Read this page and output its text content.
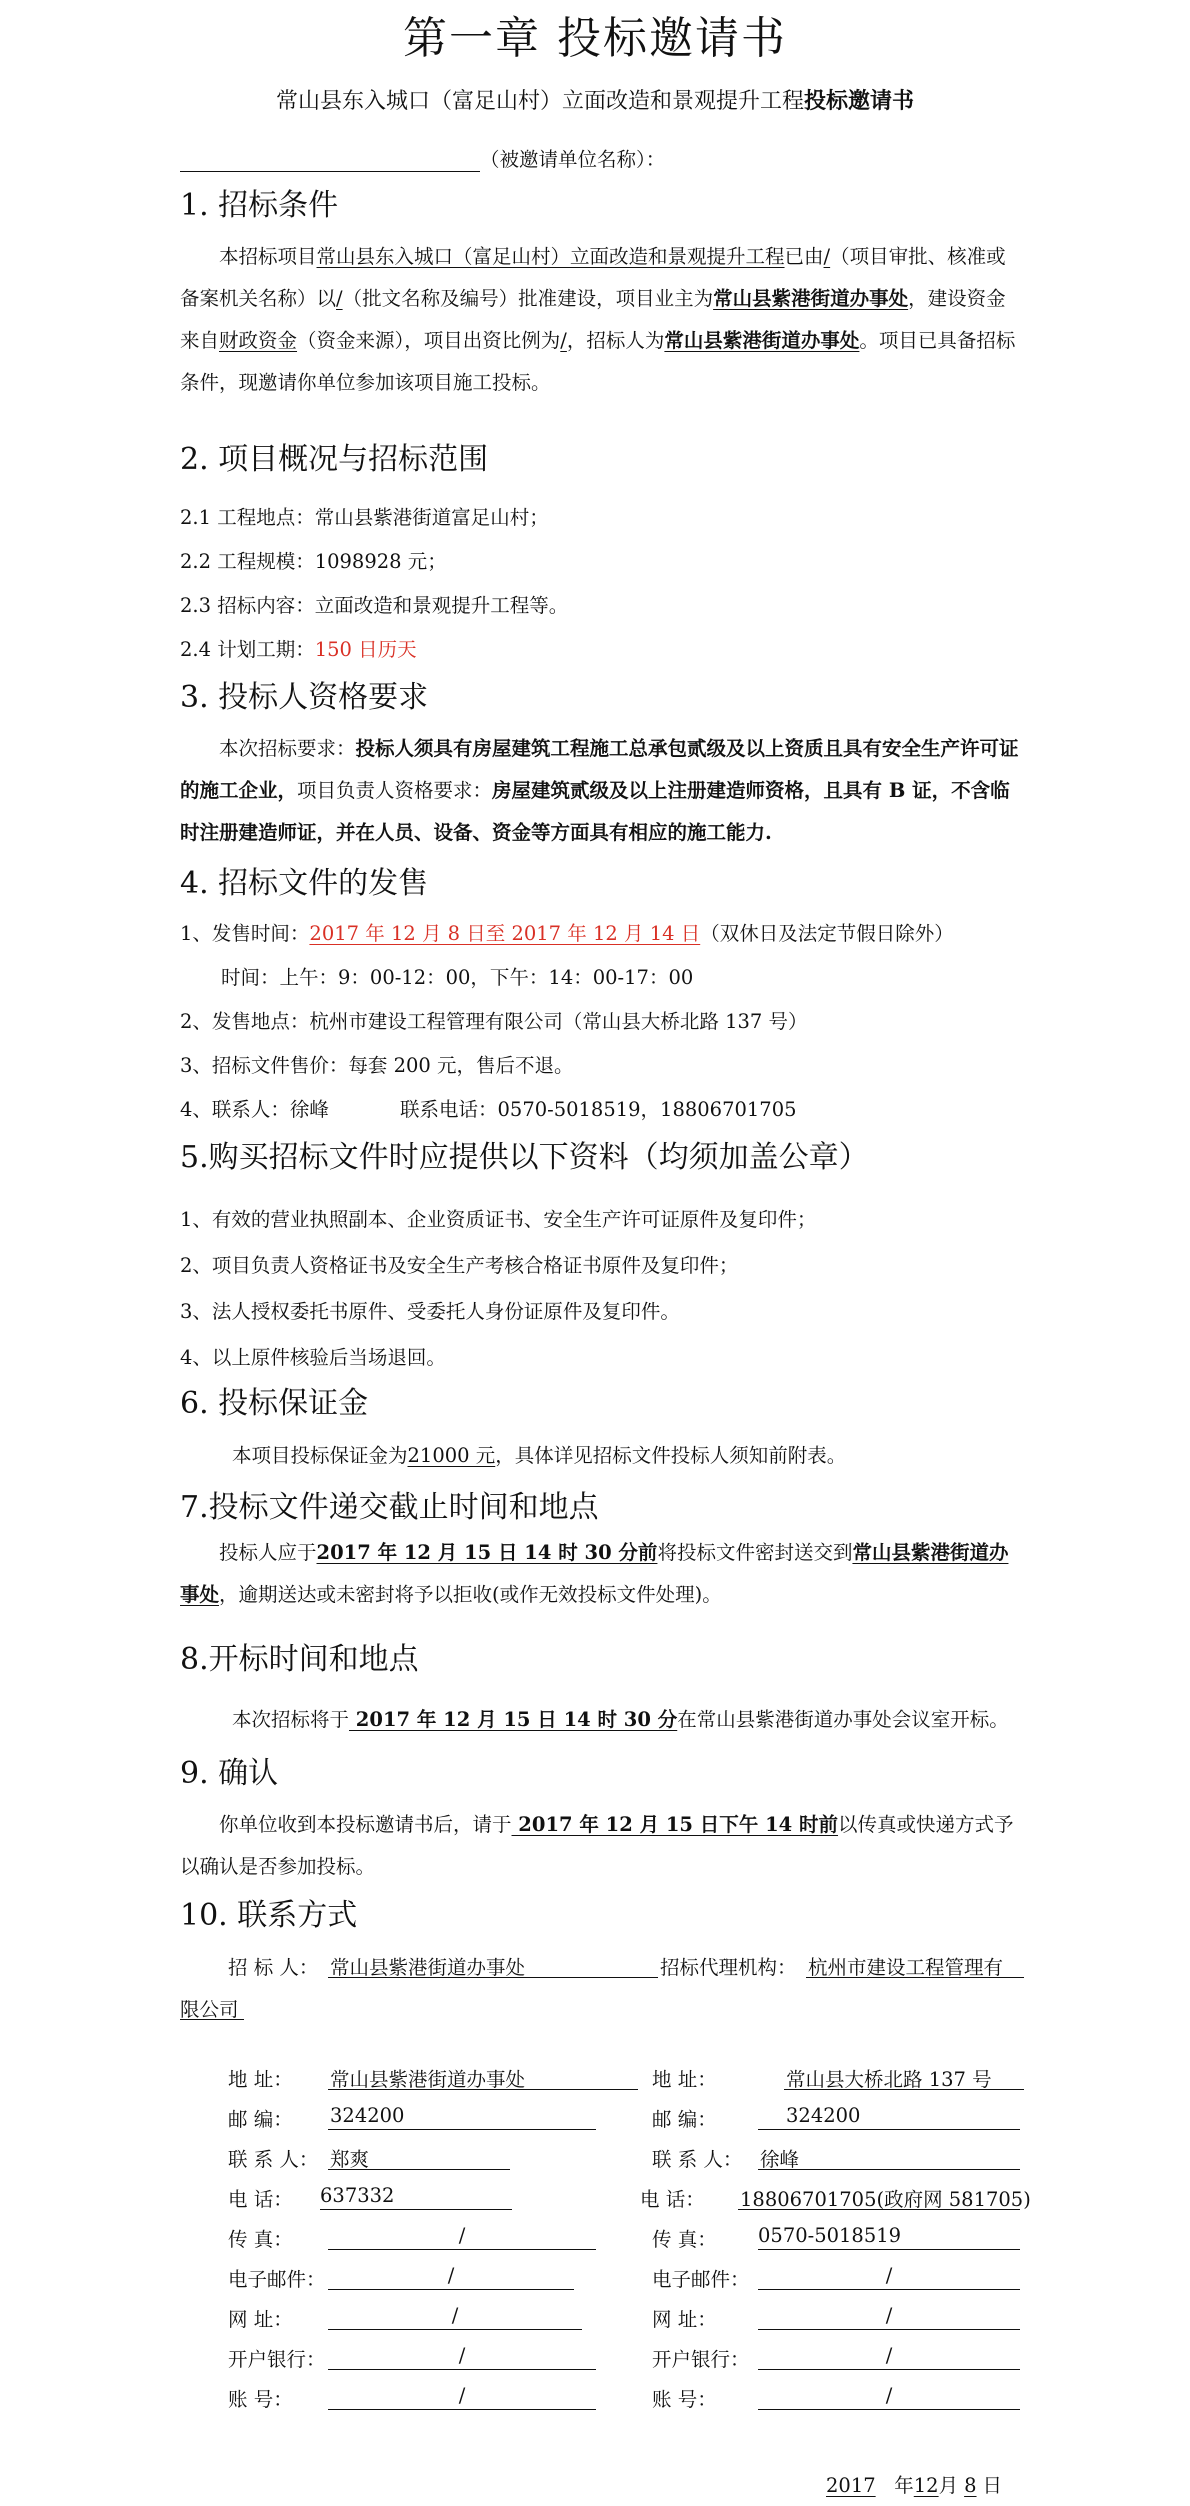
第一章 投标邀请书
常山县东入城口（富足山村）立面改造和景观提升工程投标邀请书
（被邀请单位名称）：
1. 招标条件
本招标项目常山县东入城口（富足山村）立面改造和景观提升工程已由/（项目审批、核准或备案机关名称）以/（批文名称及编号）批准建设，项目业主为常山县紫港街道办事处，建设资金来自财政资金（资金来源），项目出资比例为/，招标人为常山县紫港街道办事处。项目已具备招标条件，现邀请你单位参加该项目施工投标。
2. 项目概况与招标范围
2.1 工程地点：常山县紫港街道富足山村；
2.2 工程规模：1098928 元；
2.3 招标内容：立面改造和景观提升工程等。
2.4 计划工期：150 日历天
3. 投标人资格要求
本次招标要求：投标人须具有房屋建筑工程施工总承包贰级及以上资质且具有安全生产许可证的施工企业，项目负责人资格要求：房屋建筑贰级及以上注册建造师资格，且具有 B 证，不含临时注册建造师证，并在人员、设备、资金等方面具有相应的施工能力.
4. 招标文件的发售
1、发售时间：2017 年 12 月 8 日至 2017 年 12 月 14 日（双休日及法定节假日除外）
时间：上午：9：00-12：00，下午：14：00-17：00
2、发售地点：杭州市建设工程管理有限公司（常山县大桥北路 137 号）
3、招标文件售价：每套 200 元，售后不退。
4、联系人：徐峰	联系电话：0570-5018519，18806701705
5.购买招标文件时应提供以下资料（均须加盖公章）
1、有效的营业执照副本、企业资质证书、安全生产许可证原件及复印件；
2、项目负责人资格证书及安全生产考核合格证书原件及复印件；
3、法人授权委托书原件、受委托人身份证原件及复印件。
4、以上原件核验后当场退回。
6. 投标保证金
本项目投标保证金为21000 元，具体详见招标文件投标人须知前附表。
7.投标文件递交截止时间和地点
投标人应于2017 年 12 月 15 日 14 时 30 分前将投标文件密封送交到常山县紫港街道办事处，逾期送达或未密封将予以拒收(或作无效投标文件处理)。
8.开标时间和地点
本次招标将于 2017 年 12 月 15 日 14 时 30 分在常山县紫港街道办事处会议室开标。
9. 确认
你单位收到本投标邀请书后，请于 2017 年 12 月 15 日下午 14 时前以传真或快递方式予以确认是否参加投标。
10. 联系方式
招 标 人： 常山县紫港街道办事处	招标代理机构： 杭州市建设工程管理有
限公司
地 址： 常山县紫港街道办事处	地 址：	常山县大桥北路 137 号
邮 编： 324200	邮 编：	324200
联 系 人： 郑爽	联 系 人： 徐峰
电 话： 637332	电 话： 18806701705(政府网 581705)
传 真：	/	传 真： 0570-5018519
电子邮件：	/	电子邮件：	/
网 址：	/	网 址：	/
开户银行：	/	开户银行：	/
账 号：	/	账 号：	/
2017 年12月 8 日
